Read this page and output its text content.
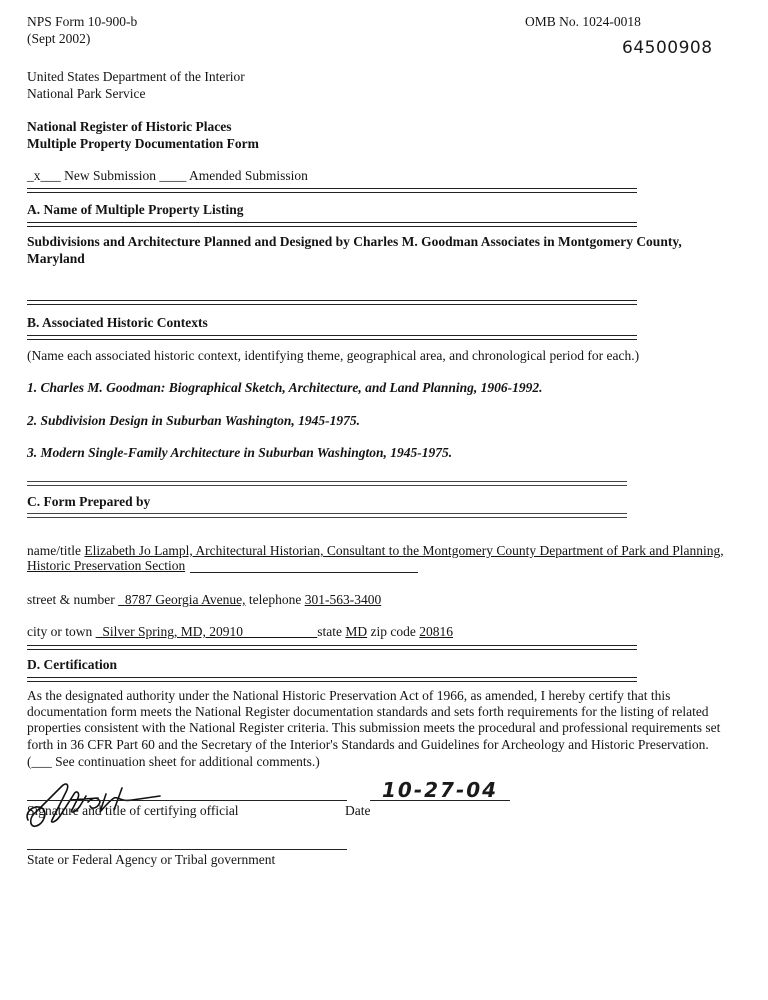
NPS Form 10-900-b
(Sept 2002)
OMB No. 1024-0018
64500908
United States Department of the Interior
National Park Service
National Register of Historic Places
Multiple Property Documentation Form
_x___ New Submission ____ Amended Submission
A. Name of Multiple Property Listing
Subdivisions and Architecture Planned and Designed by Charles M. Goodman Associates in Montgomery County,
Maryland
B. Associated Historic Contexts
(Name each associated historic context, identifying theme, geographical area, and chronological period for each.)
1. Charles M. Goodman: Biographical Sketch, Architecture, and Land Planning, 1906-1992.
2. Subdivision Design in Suburban Washington, 1945-1975.
3. Modern Single-Family Architecture in Suburban Washington, 1945-1975.
C. Form Prepared by
name/title Elizabeth Jo Lampl, Architectural Historian, Consultant to the Montgomery County Department of Park and Planning,
Historic Preservation Section
street & number 8787 Georgia Avenue, telephone 301-563-3400
city or town Silver Spring, MD, 20910	state MD zip code 20816
D. Certification
As the designated authority under the National Historic Preservation Act of 1966, as amended, I hereby certify that this
documentation form meets the National Register documentation standards and sets forth requirements for the listing of related
properties consistent with the National Register criteria. This submission meets the procedural and professional requirements set
forth in 36 CFR Part 60 and the Secretary of the Interior's Standards and Guidelines for Archeology and Historic Preservation.
(___ See continuation sheet for additional comments.)
Signature and title of certifying official
10-27-04
Date
State or Federal Agency or Tribal government
